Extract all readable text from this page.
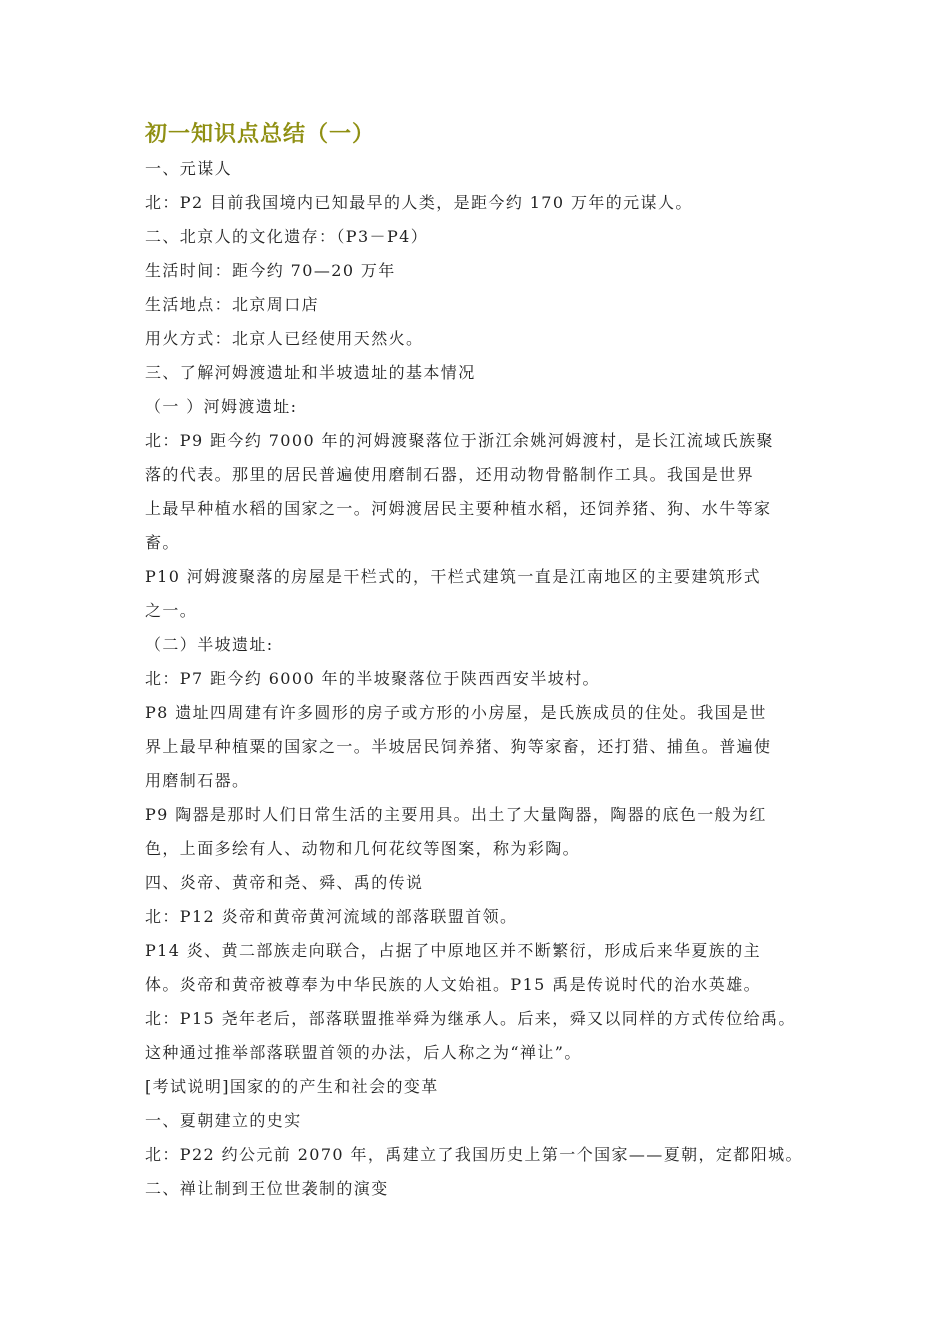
初一知识点总结（一）
一、元谋人
北：P2 目前我国境内已知最早的人类，是距今约 170 万年的元谋人。
二、北京人的文化遗存：（P3－P4）
生活时间：距今约 70—20 万年
生活地点：北京周口店
用火方式：北京人已经使用天然火。
三、了解河姆渡遗址和半坡遗址的基本情况
（一 ）河姆渡遗址:
北：P9 距今约 7000 年的河姆渡聚落位于浙江余姚河姆渡村，是长江流域氏族聚
落的代表。那里的居民普遍使用磨制石器，还用动物骨骼制作工具。我国是世界
上最早种植水稻的国家之一。河姆渡居民主要种植水稻，还饲养猪、狗、水牛等家
畜。
P10 河姆渡聚落的房屋是干栏式的，干栏式建筑一直是江南地区的主要建筑形式
之一。
（二）半坡遗址:
北：P7 距今约 6000 年的半坡聚落位于陕西西安半坡村。
P8 遗址四周建有许多圆形的房子或方形的小房屋，是氏族成员的住处。我国是世
界上最早种植粟的国家之一。半坡居民饲养猪、狗等家畜，还打猎、捕鱼。普遍使
用磨制石器。
P9 陶器是那时人们日常生活的主要用具。出土了大量陶器，陶器的底色一般为红
色，上面多绘有人、动物和几何花纹等图案，称为彩陶。
四、炎帝、黄帝和尧、舜、禹的传说
北：P12 炎帝和黄帝黄河流域的部落联盟首领。
P14 炎、黄二部族走向联合，占据了中原地区并不断繁衍，形成后来华夏族的主
体。炎帝和黄帝被尊奉为中华民族的人文始祖。P15 禹是传说时代的治水英雄。
北：P15 尧年老后，部落联盟推举舜为继承人。后来，舜又以同样的方式传位给禹。
这种通过推举部落联盟首领的办法，后人称之为“禅让”。
[考试说明]国家的的产生和社会的变革
一、夏朝建立的史实
北：P22 约公元前 2070 年，禹建立了我国历史上第一个国家——夏朝，定都阳城。
二、禅让制到王位世袭制的演变
